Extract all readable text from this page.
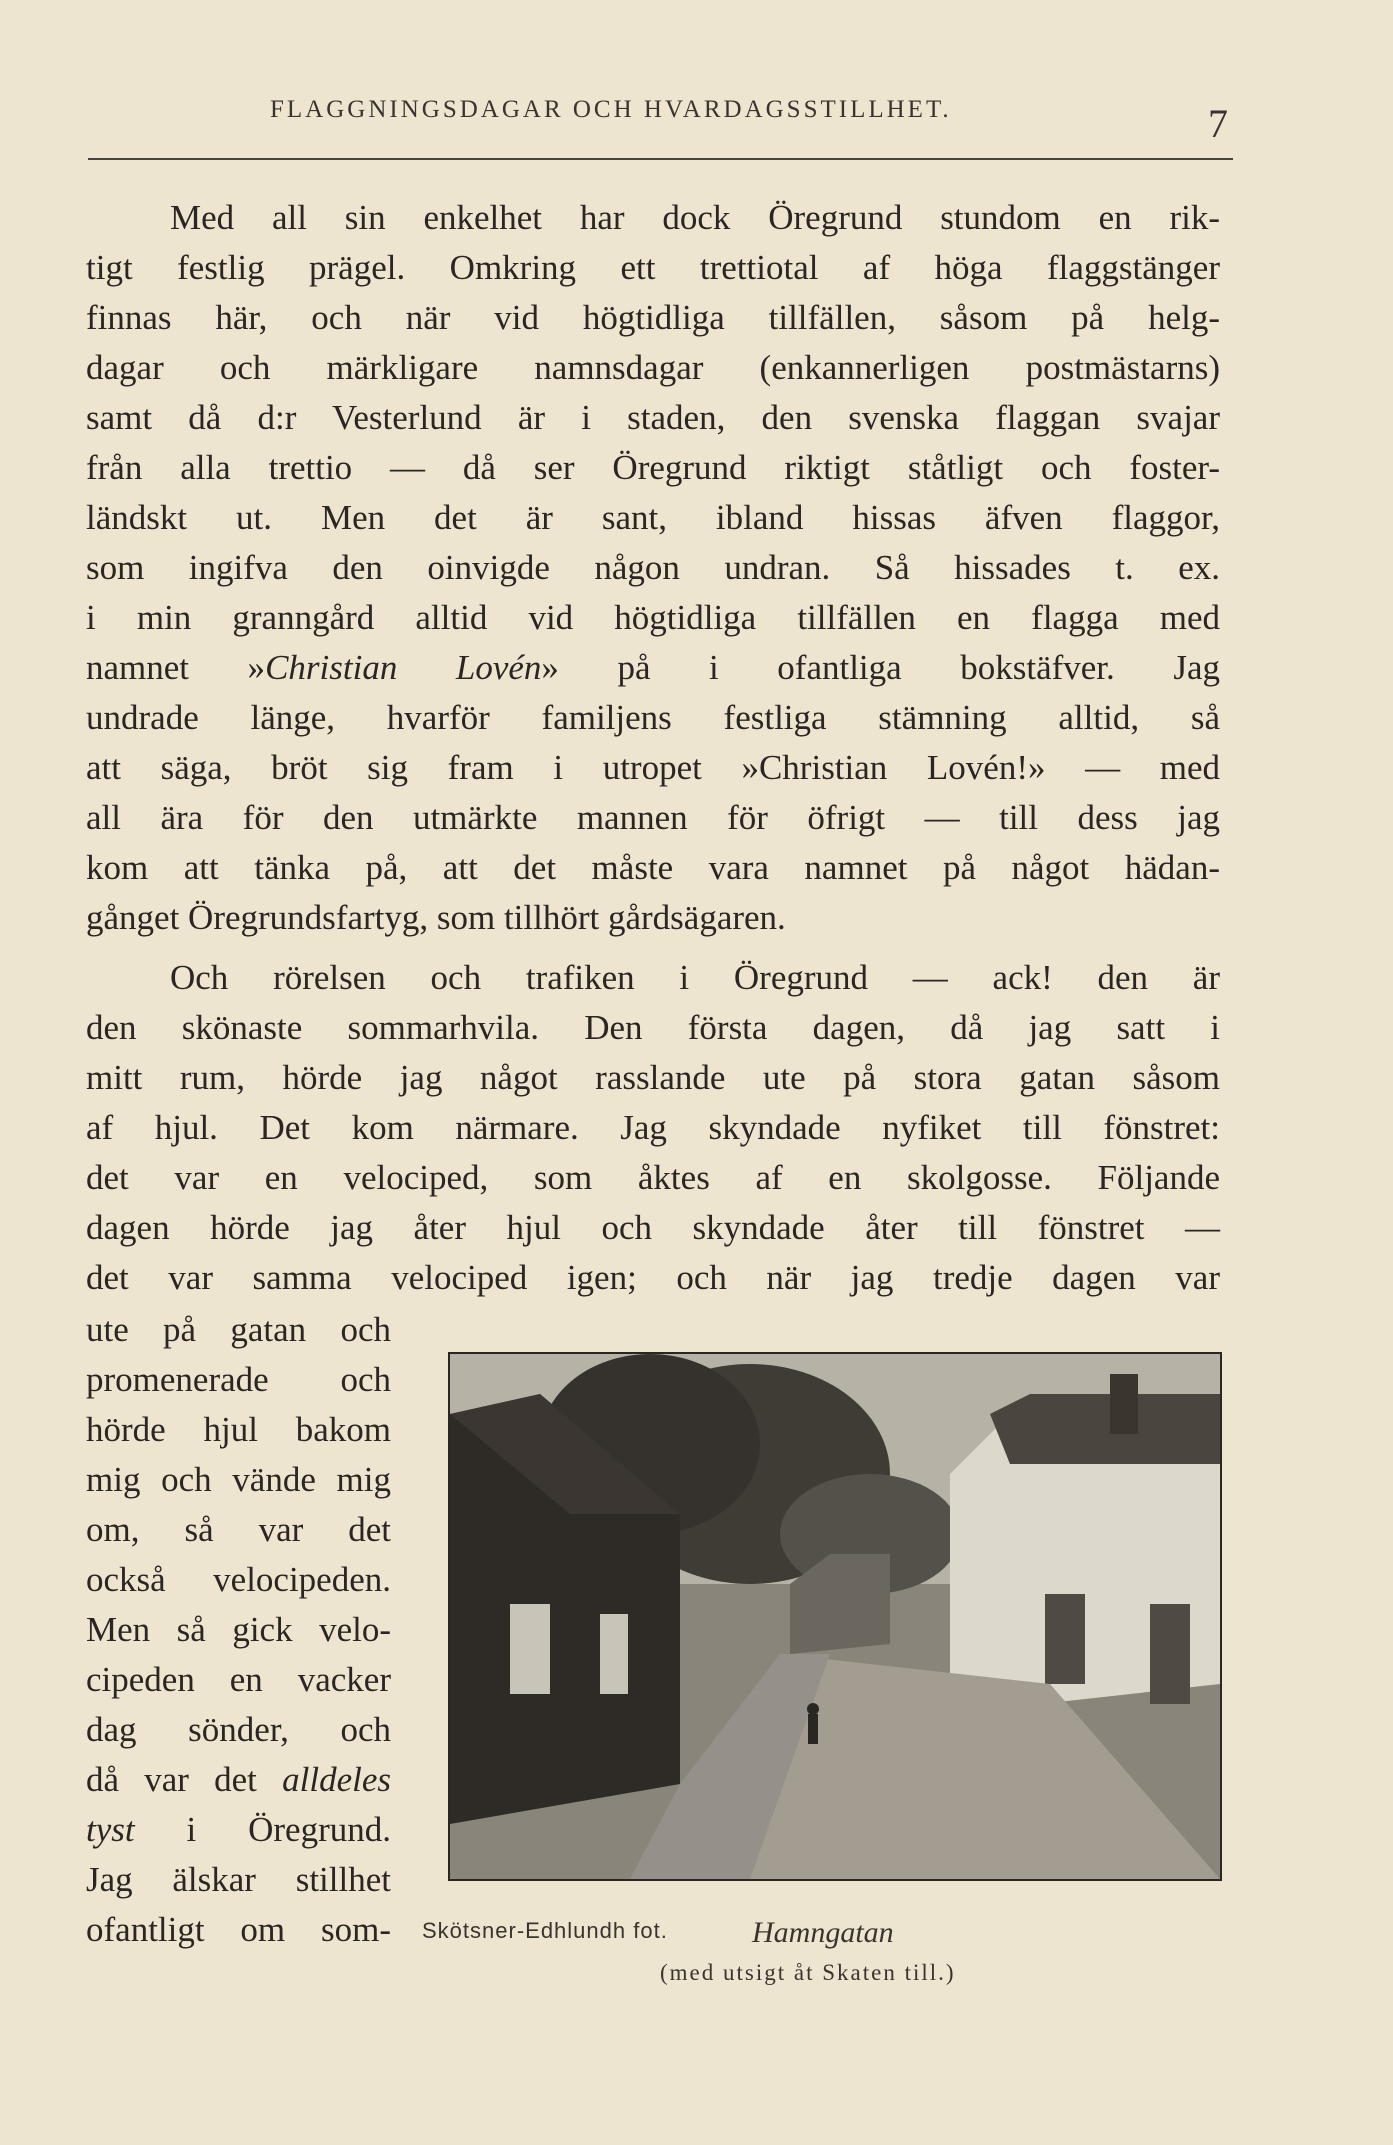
FLAGGNINGSDAGAR OCH HVARDAGSSTILLHET.	7
Med all sin enkelhet har dock Öregrund stundom en rik-
tigt festlig prägel. Omkring ett trettiotal af höga flaggstänger
finnas här, och när vid högtidliga tillfällen, såsom på helg-
dagar och märkligare namnsdagar (enkannerligen postmästarns)
samt då d:r Vesterlund är i staden, den svenska flaggan svajar
från alla trettio — då ser Öregrund riktigt ståtligt och foster-
ländskt ut. Men det är sant, ibland hissas äfven flaggor,
som ingifva den oinvigde någon undran. Så hissades t. ex.
i min granngård alltid vid högtidliga tillfällen en flagga med
namnet »Christian Lovén» på i ofantliga bokstäfver. Jag
undrade länge, hvarför familjens festliga stämning alltid, så
att säga, bröt sig fram i utropet »Christian Lovén!» — med
all ära för den utmärkte mannen för öfrigt — till dess jag
kom att tänka på, att det måste vara namnet på något hädan-
gånget Öregrundsfartyg, som tillhört gårdsägaren.
Och rörelsen och trafiken i Öregrund — ack! den är
den skönaste sommarhvila. Den första dagen, då jag satt i
mitt rum, hörde jag något rasslande ute på stora gatan såsom
af hjul. Det kom närmare. Jag skyndade nyfiket till fönstret:
det var en velociped, som åktes af en skolgosse. Följande
dagen hörde jag åter hjul och skyndade åter till fönstret —
det var samma velociped igen; och när jag tredje dagen var
ute på gatan och
promenerade och
hörde hjul bakom
mig och vände mig
om, så var det
också velocipeden.
Men så gick velo-
cipeden en vacker
dag sönder, och
då var det alldeles
tyst i Öregrund.
Jag älskar stillhet
ofantligt om som- Skötsner-Edhlundh fot.	Hamngatan
(med utsigt åt Skaten till.)
